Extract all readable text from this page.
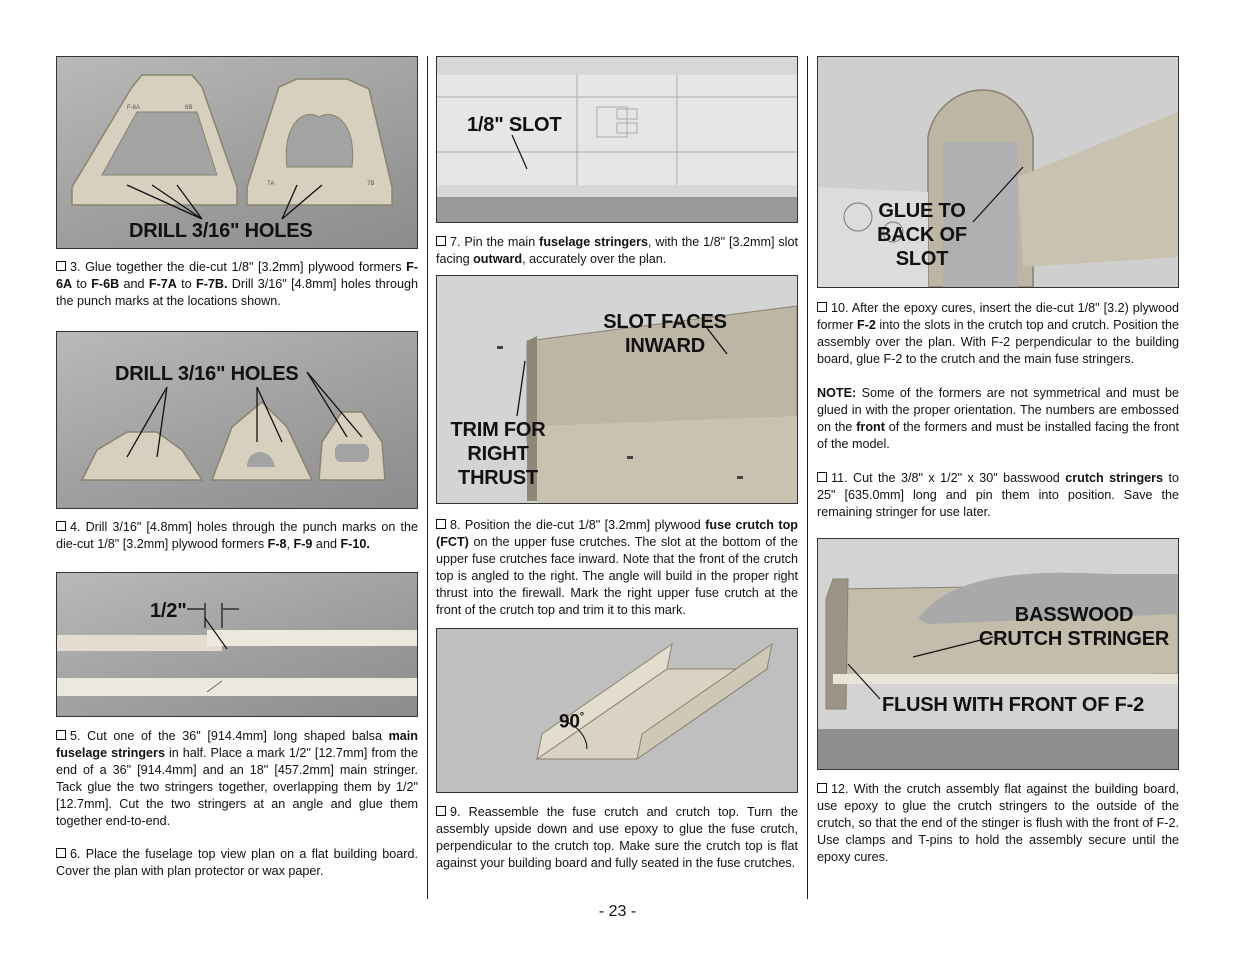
F-6A	6B
7A	7B
DRILL 3/16" HOLES

3. Glue together the die-cut 1/8" [3.2mm] plywood formers F-6A to F-6B and F-7A to F-7B. Drill 3/16" [4.8mm] holes through the punch marks at the locations shown.

DRILL 3/16" HOLES

4. Drill 3/16" [4.8mm] holes through the punch marks on the die-cut 1/8" [3.2mm] plywood formers F-8, F-9 and F-10.

1/2"

5. Cut one of the 36" [914.4mm] long shaped balsa main fuselage stringers in half. Place a mark 1/2" [12.7mm] from the end of a 36" [914.4mm] and an 18" [457.2mm] main stringer. Tack glue the two stringers together, overlapping them by 1/2" [12.7mm]. Cut the two stringers at an angle and glue them together end-to-end.

6. Place the fuselage top view plan on a flat building board. Cover the plan with plan protector or wax paper.

1/8" SLOT

7. Pin the main fuselage stringers, with the 1/8" [3.2mm] slot facing outward, accurately over the plan.

SLOT FACES
INWARD
TRIM FOR
RIGHT
THRUST

8. Position the die-cut 1/8" [3.2mm] plywood fuse crutch top (FCT) on the upper fuse crutches. The slot at the bottom of the upper fuse crutches face inward. Note that the front of the crutch top is angled to the right. The angle will build in the proper right thrust into the firewall. Mark the right upper fuse crutch at the front of the crutch top and trim it to this mark.

90°

9. Reassemble the fuse crutch and crutch top. Turn the assembly upside down and use epoxy to glue the fuse crutch, perpendicular to the crutch top. Make sure the crutch top is flat against your building board and fully seated in the fuse crutches.

GLUE TO
BACK OF
SLOT

10. After the epoxy cures, insert the die-cut 1/8" [3.2) plywood former F-2 into the slots in the crutch top and crutch. Position the assembly over the plan. With F-2 perpendicular to the building board, glue F-2 to the crutch and the main fuse stringers.

NOTE: Some of the formers are not symmetrical and must be glued in with the proper orientation. The numbers are embossed on the front of the formers and must be installed facing the front of the model.

11. Cut the 3/8" x 1/2" x 30" basswood crutch stringers to 25" [635.0mm] long and pin them into position. Save the remaining stringer for use later.

BASSWOOD
CRUTCH STRINGER
FLUSH WITH FRONT OF F-2

12. With the crutch assembly flat against the building board, use epoxy to glue the crutch stringers to the outside of the crutch, so that the end of the stinger is flush with the front of F-2. Use clamps and T-pins to hold the assembly secure until the epoxy cures.

- 23 -
